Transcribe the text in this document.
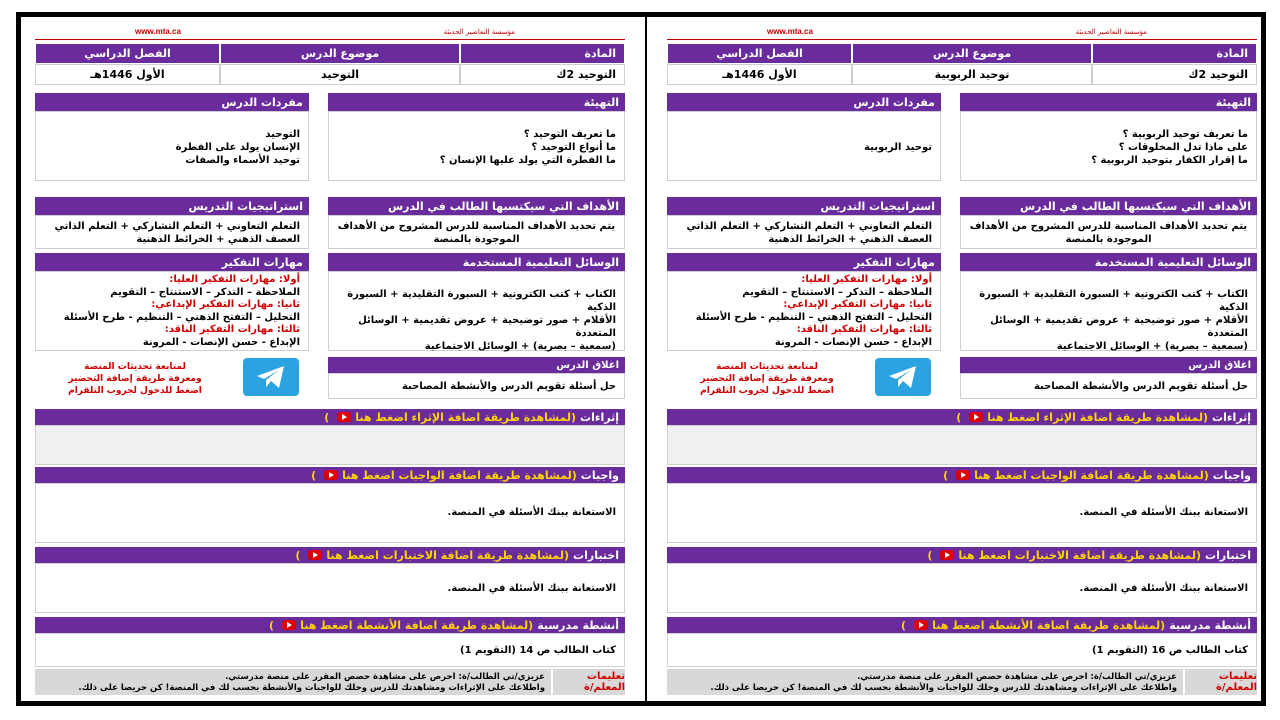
www.mta.ca	مؤسسة التعاضير الحديثة
المادة
موضوع الدرس
الفصل الدراسي
التوحيد 2ك
التوحيد
الأول 1446هـ
التهيئة
مفردات الدرس
ما تعريف التوحيد ؟
ما أنواع التوحيد ؟
ما الفطرة التي يولد عليها الإنسان ؟
التوحيد
الإنسان يولد على الفطرة
توحيد الأسماء والصفات
الأهداف التي سيكتسبها الطالب في الدرس
استراتيجيات التدريس
يتم تحديد الأهداف المناسبة للدرس المشروح من الأهداف الموجودة بالمنصة
التعلم التعاوني + التعلم التشاركي + التعلم الذاتي
العصف الذهني + الخرائط الذهنية
الوسائل التعليمية المستخدمة
مهارات التفكير
الكتاب + كتب الكترونية + السبورة التقليدية + السبورة الذكية
الأقلام + صور توضيحية + عروض تقديمية + الوسائل المتعددة
(سمعية – بصرية) + الوسائل الاجتماعية
أولا: مهارات التفكير العليا:
الملاحظة – التذكر – الاستنتاج – التقويم
ثانيا: مهارات التفكير الإبداعي:
التحليل – التفتح الذهني – التنظيم - طرح الأسئلة
ثالثا: مهارات التفكير الناقد:
الإبداع - حسن الإنصات - المرونة
اغلاق الدرس
حل أسئلة تقويم الدرس والأنشطة المصاحبة
لمتابعة تحديثات المنصة
ومعرفة طريقة إضافة التحضير
اضغط للدخول لجروب التلقرام
إثراءات
(لمشاهدة طريقة اضافة الإثراء اضغط هنا
)
واجبات
(لمشاهدة طريقة اضافة الواجبات اضغط هنا
)
الاستعانة ببنك الأسئلة في المنصة.
اختبارات
(لمشاهدة طريقة اضافة الاختبارات اضغط هنا
)
الاستعانة ببنك الأسئلة في المنصة.
أنشطة مدرسية
(لمشاهدة طريقة اضافة الأنشطة اضغط هنا
)
كتاب الطالب ص 14 (التقويم 1)
تعليمات المعلم/ة
عزيزي/تي الطالب/ة: احرص على مشاهدة حصص المقرر على منصة مدرستي.
واطلاعك على الإثراءات ومشاهدتك للدرس وحلك للواجبات والأنشطة بحسب لك في المنصة! كن حريصا على ذلك.
www.mta.ca	مؤسسة التعاضير الحديثة
المادة
موضوع الدرس
الفصل الدراسي
التوحيد 2ك
توحيد الربوبية
الأول 1446هـ
التهيئة
مفردات الدرس
ما تعريف توحيد الربوبية ؟
على ماذا تدل المخلوقات ؟
ما إقرار الكفار بتوحيد الربوبية ؟
توحيد الربوبية
الأهداف التي سيكتسبها الطالب في الدرس
استراتيجيات التدريس
يتم تحديد الأهداف المناسبة للدرس المشروح من الأهداف الموجودة بالمنصة
التعلم التعاوني + التعلم التشاركي + التعلم الذاتي
العصف الذهني + الخرائط الذهنية
الوسائل التعليمية المستخدمة
مهارات التفكير
الكتاب + كتب الكترونية + السبورة التقليدية + السبورة الذكية
الأقلام + صور توضيحية + عروض تقديمية + الوسائل المتعددة
(سمعية – بصرية) + الوسائل الاجتماعية
أولا: مهارات التفكير العليا:
الملاحظة – التذكر – الاستنتاج – التقويم
ثانيا: مهارات التفكير الإبداعي:
التحليل – التفتح الذهني – التنظيم - طرح الأسئلة
ثالثا: مهارات التفكير الناقد:
الإبداع - حسن الإنصات - المرونة
اغلاق الدرس
حل أسئلة تقويم الدرس والأنشطة المصاحبة
لمتابعة تحديثات المنصة
ومعرفة طريقة إضافة التحضير
اضغط للدخول لجروب التلقرام
إثراءات
(لمشاهدة طريقة اضافة الإثراء اضغط هنا
)
واجبات
(لمشاهدة طريقة اضافة الواجبات اضغط هنا
)
الاستعانة ببنك الأسئلة في المنصة.
اختبارات
(لمشاهدة طريقة اضافة الاختبارات اضغط هنا
)
الاستعانة ببنك الأسئلة في المنصة.
أنشطة مدرسية
(لمشاهدة طريقة اضافة الأنشطة اضغط هنا
)
كتاب الطالب ص 16 (التقويم 1)
تعليمات المعلم/ة
عزيزي/تي الطالب/ة: احرص على مشاهدة حصص المقرر على منصة مدرستي.
واطلاعك على الإثراءات ومشاهدتك للدرس وحلك للواجبات والأنشطة بحسب لك في المنصة! كن حريصا على ذلك.
